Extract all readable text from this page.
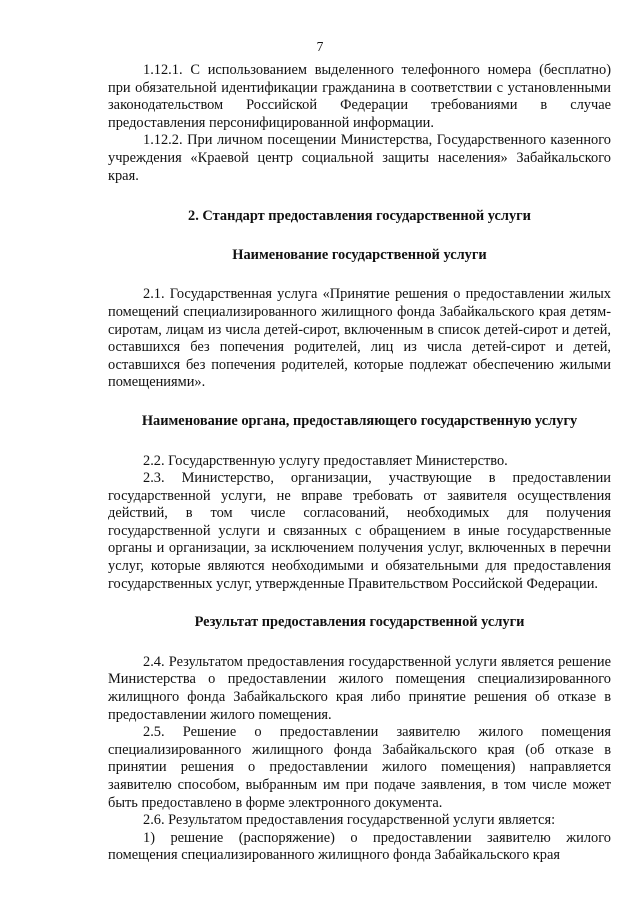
7

1.12.1. С использованием выделенного телефонного номера (бесплатно) при обязательной идентификации гражданина в соответствии с установленными законодательством Российской Федерации требованиями в случае предоставления персонифицированной информации.

1.12.2. При личном посещении Министерства, Государственного казенного учреждения «Краевой центр социальной защиты населения» Забайкальского края.

2. Стандарт предоставления государственной услуги
Наименование государственной услуги

2.1. Государственная услуга «Принятие решения о предоставлении жилых помещений специализированного жилищного фонда Забайкальского края детям-сиротам, лицам из числа детей-сирот, включенным в список детей-сирот и детей, оставшихся без попечения родителей, лиц из числа детей-сирот и детей, оставшихся без попечения родителей, которые подлежат обеспечению жилыми помещениями».

Наименование органа, предоставляющего государственную услугу

2.2. Государственную услугу предоставляет Министерство.

2.3. Министерство, организации, участвующие в предоставлении государственной услуги, не вправе требовать от заявителя осуществления действий, в том числе согласований, необходимых для получения государственной услуги и связанных с обращением в иные государственные органы и организации, за исключением получения услуг, включенных в перечни услуг, которые являются необходимыми и обязательными для предоставления государственных услуг, утвержденные Правительством Российской Федерации.

Результат предоставления государственной услуги

2.4. Результатом предоставления государственной услуги является решение Министерства о предоставлении жилого помещения специализированного жилищного фонда Забайкальского края либо принятие решения об отказе в предоставлении жилого помещения.

2.5. Решение о предоставлении заявителю жилого помещения специализированного жилищного фонда Забайкальского края (об отказе в принятии решения о предоставлении жилого помещения) направляется заявителю способом, выбранным им при подаче заявления, в том числе может быть предоставлено в форме электронного документа.

2.6. Результатом предоставления государственной услуги является:

1) решение (распоряжение) о предоставлении заявителю жилого помещения специализированного жилищного фонда Забайкальского края
